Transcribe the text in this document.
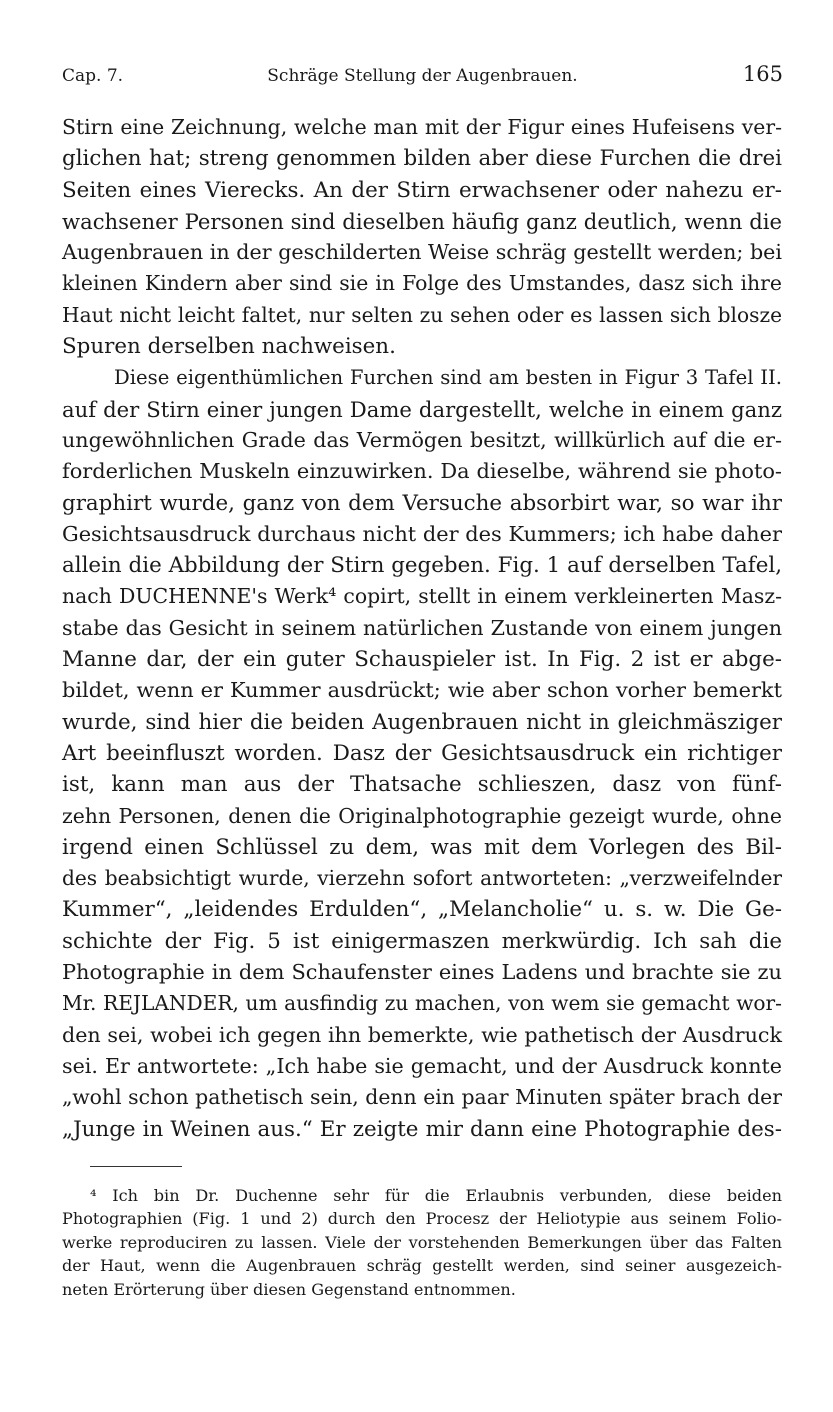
Cap. 7.	Schräge Stellung der Augenbrauen.	165
Stirn eine Zeichnung, welche man mit der Figur eines Hufeisens ver-
glichen hat; streng genommen bilden aber diese Furchen die drei
Seiten eines Vierecks. An der Stirn erwachsener oder nahezu er-
wachsener Personen sind dieselben häufig ganz deutlich, wenn die
Augenbrauen in der geschilderten Weise schräg gestellt werden; bei
kleinen Kindern aber sind sie in Folge des Umstandes, dasz sich ihre
Haut nicht leicht faltet, nur selten zu sehen oder es lassen sich blosze
Spuren derselben nachweisen.
Diese eigenthümlichen Furchen sind am besten in Figur 3 Tafel II.
auf der Stirn einer jungen Dame dargestellt, welche in einem ganz
ungewöhnlichen Grade das Vermögen besitzt, willkürlich auf die er-
forderlichen Muskeln einzuwirken. Da dieselbe, während sie photo-
graphirt wurde, ganz von dem Versuche absorbirt war, so war ihr
Gesichtsausdruck durchaus nicht der des Kummers; ich habe daher
allein die Abbildung der Stirn gegeben. Fig. 1 auf derselben Tafel,
nach DUCHENNE's Werk⁴ copirt, stellt in einem verkleinerten Masz-
stabe das Gesicht in seinem natürlichen Zustande von einem jungen
Manne dar, der ein guter Schauspieler ist. In Fig. 2 ist er abge-
bildet, wenn er Kummer ausdrückt; wie aber schon vorher bemerkt
wurde, sind hier die beiden Augenbrauen nicht in gleichmäsziger
Art beeinfluszt worden. Dasz der Gesichtsausdruck ein richtiger
ist, kann man aus der Thatsache schlieszen, dasz von fünf-
zehn Personen, denen die Originalphotographie gezeigt wurde, ohne
irgend einen Schlüssel zu dem, was mit dem Vorlegen des Bil-
des beabsichtigt wurde, vierzehn sofort antworteten: „verzweifelnder
Kummer“, „leidendes Erdulden“, „Melancholie“ u. s. w. Die Ge-
schichte der Fig. 5 ist einigermaszen merkwürdig. Ich sah die
Photographie in dem Schaufenster eines Ladens und brachte sie zu
Mr. REJLANDER, um ausfindig zu machen, von wem sie gemacht wor-
den sei, wobei ich gegen ihn bemerkte, wie pathetisch der Ausdruck
sei. Er antwortete: „Ich habe sie gemacht, und der Ausdruck konnte
„wohl schon pathetisch sein, denn ein paar Minuten später brach der
„Junge in Weinen aus.“ Er zeigte mir dann eine Photographie des-
⁴ Ich bin Dr. Duchenne sehr für die Erlaubnis verbunden, diese beiden
Photographien (Fig. 1 und 2) durch den Procesz der Heliotypie aus seinem Folio-
werke reproduciren zu lassen. Viele der vorstehenden Bemerkungen über das Falten
der Haut, wenn die Augenbrauen schräg gestellt werden, sind seiner ausgezeich-
neten Erörterung über diesen Gegenstand entnommen.
